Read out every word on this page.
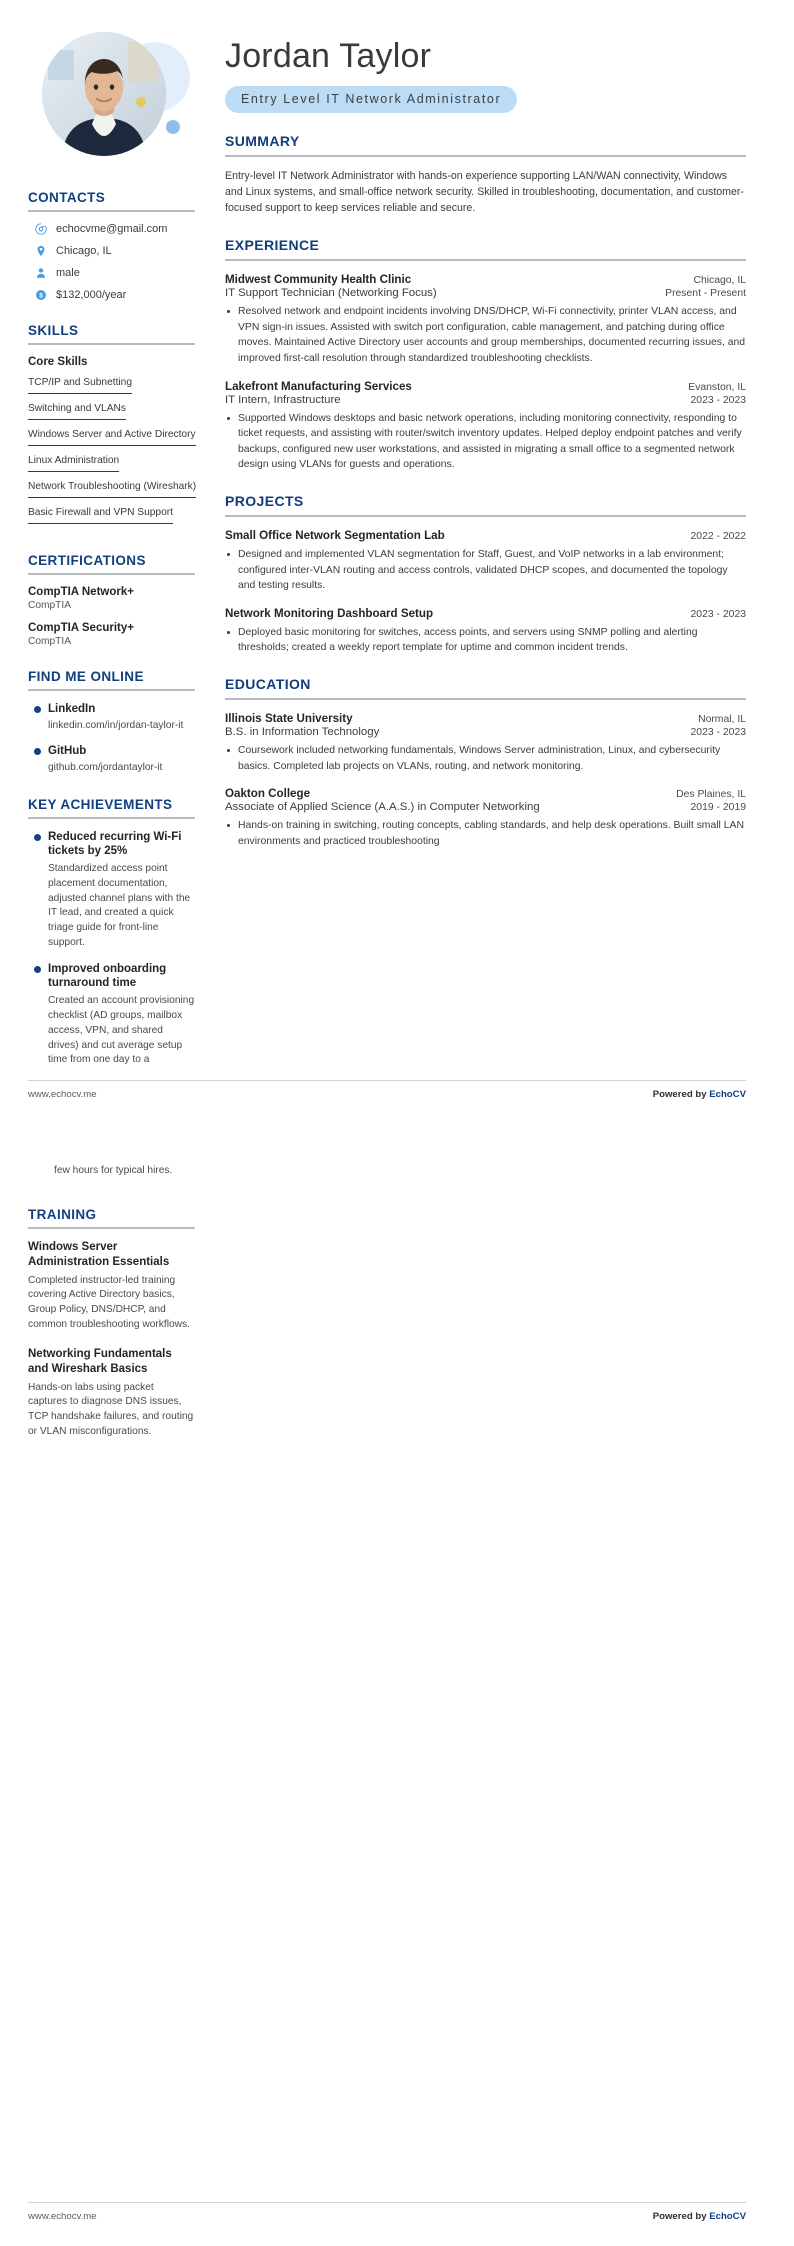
CONTACTS
echocvme@gmail.com
Chicago, IL
male
$ $132,000/year
SKILLS
Core Skills
TCP/IP and Subnetting
Switching and VLANs
Windows Server and Active Directory
Linux Administration
Network Troubleshooting (Wireshark)
Basic Firewall and VPN Support
CERTIFICATIONS
CompTIA Network+
CompTIA
CompTIA Security+
CompTIA
FIND ME ONLINE
LinkedIn
linkedin.com/in/jordan-taylor-it
GitHub
github.com/jordantaylor-it
KEY ACHIEVEMENTS
Reduced recurring Wi-Fi tickets by 25%
Standardized access point placement documentation, adjusted channel plans with the IT lead, and created a quick triage guide for front-line support.
Improved onboarding turnaround time
Created an account provisioning checklist (AD groups, mailbox access, VPN, and shared drives) and cut average setup time from one day to a
Jordan Taylor
Entry Level IT Network Administrator
SUMMARY
Entry-level IT Network Administrator with hands-on experience supporting LAN/WAN connectivity, Windows and Linux systems, and small-office network security. Skilled in troubleshooting, documentation, and customer-focused support to keep services reliable and secure.
EXPERIENCE
Midwest Community Health Clinic	Chicago, IL
IT Support Technician (Networking Focus)	Present - Present
Resolved network and endpoint incidents involving DNS/DHCP, Wi-Fi connectivity, printer VLAN access, and VPN sign-in issues. Assisted with switch port configuration, cable management, and patching during office moves. Maintained Active Directory user accounts and group memberships, documented recurring issues, and improved first-call resolution through standardized troubleshooting checklists.
Lakefront Manufacturing Services	Evanston, IL
IT Intern, Infrastructure	2023 - 2023
Supported Windows desktops and basic network operations, including monitoring connectivity, responding to ticket requests, and assisting with router/switch inventory updates. Helped deploy endpoint patches and verify backups, configured new user workstations, and assisted in migrating a small office to a segmented network design using VLANs for guests and operations.
PROJECTS
Small Office Network Segmentation Lab	2022 - 2022
Designed and implemented VLAN segmentation for Staff, Guest, and VoIP networks in a lab environment; configured inter-VLAN routing and access controls, validated DHCP scopes, and documented the topology and testing results.
Network Monitoring Dashboard Setup	2023 - 2023
Deployed basic monitoring for switches, access points, and servers using SNMP polling and alerting thresholds; created a weekly report template for uptime and common incident trends.
EDUCATION
Illinois State University	Normal, IL
B.S. in Information Technology	2023 - 2023
Coursework included networking fundamentals, Windows Server administration, Linux, and cybersecurity basics. Completed lab projects on VLANs, routing, and network monitoring.
Oakton College	Des Plaines, IL
Associate of Applied Science (A.A.S.) in Computer Networking	2019 - 2019
Hands-on training in switching, routing concepts, cabling standards, and help desk operations. Built small LAN environments and practiced troubleshooting
www.echocv.me	Powered by EchoCV
few hours for typical hires.
TRAINING
Windows Server Administration Essentials
Completed instructor-led training covering Active Directory basics, Group Policy, DNS/DHCP, and common troubleshooting workflows.
Networking Fundamentals and Wireshark Basics
Hands-on labs using packet captures to diagnose DNS issues, TCP handshake failures, and routing or VLAN misconfigurations.
www.echocv.me	Powered by EchoCV
